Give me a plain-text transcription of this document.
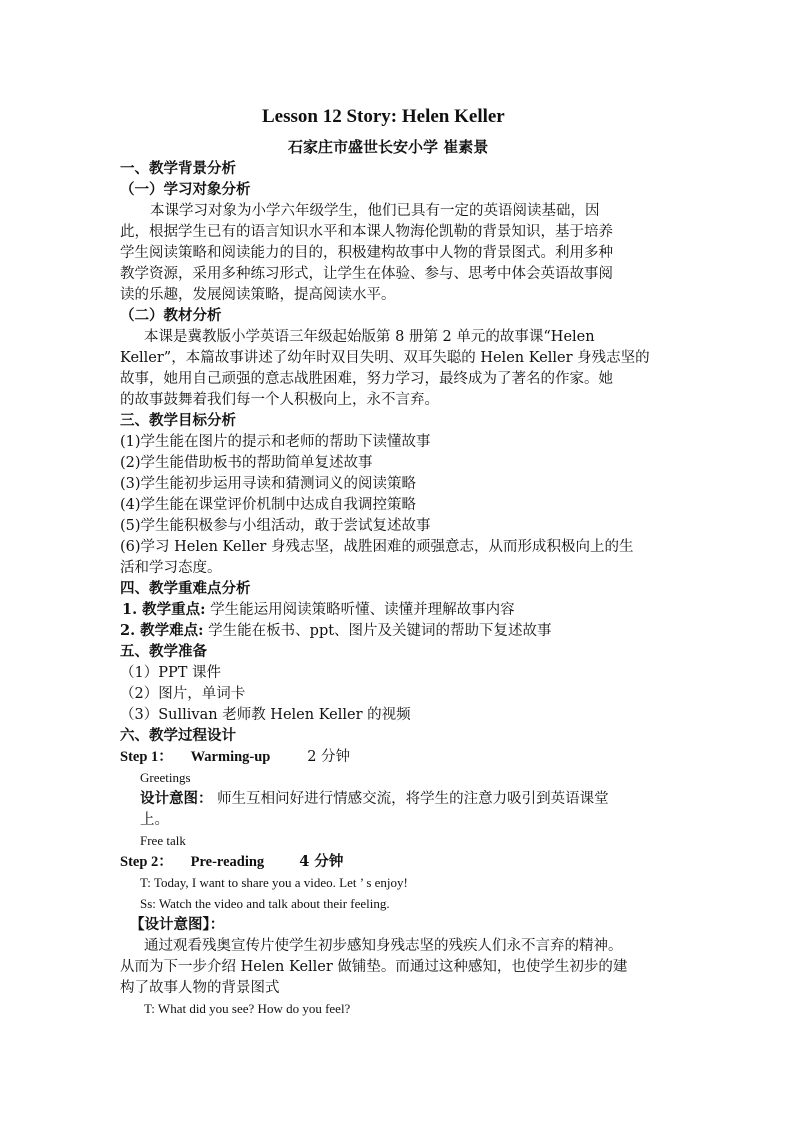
Lesson 12 Story: Helen Keller
石家庄市盛世长安小学 崔素景
一、教学背景分析
（一）学习对象分析
本课学习对象为小学六年级学生，他们已具有一定的英语阅读基础，因
此，根据学生已有的语言知识水平和本课人物海伦凯勒的背景知识，基于培养
学生阅读策略和阅读能力的目的，积极建构故事中人物的背景图式。利用多种
教学资源，采用多种练习形式，让学生在体验、参与、思考中体会英语故事阅
读的乐趣，发展阅读策略，提高阅读水平。
（二）教材分析
本课是冀教版小学英语三年级起始版第 8 册第 2 单元的故事课“Helen
Keller”，本篇故事讲述了幼年时双目失明、双耳失聪的 Helen Keller 身残志坚的
故事，她用自己顽强的意志战胜困难，努力学习，最终成为了著名的作家。她
的故事鼓舞着我们每一个人积极向上，永不言弃。
三、教学目标分析
(1)学生能在图片的提示和老师的帮助下读懂故事
(2)学生能借助板书的帮助简单复述故事
(3)学生能初步运用寻读和猜测词义的阅读策略
(4)学生能在课堂评价机制中达成自我调控策略
(5)学生能积极参与小组活动，敢于尝试复述故事
(6)学习 Helen Keller 身残志坚，战胜困难的顽强意志，从而形成积极向上的生
活和学习态度。
四、教学重难点分析
1. 教学重点: 学生能运用阅读策略听懂、读懂并理解故事内容
2. 教学难点: 学生能在板书、ppt、图片及关键词的帮助下复述故事
五、教学准备
（1）PPT 课件
（2）图片，单词卡
（3）Sullivan 老师教 Helen Keller 的视频
六、教学过程设计
Step 1： Warming-up	2 分钟
Greetings
设计意图： 师生互相问好进行情感交流，将学生的注意力吸引到英语课堂
上。
Free talk
Step 2： Pre-reading 4 分钟
T: Today, I want to share you a video. Let ’ s enjoy!
Ss: Watch the video and talk about their feeling.
【设计意图】：
通过观看残奥宣传片使学生初步感知身残志坚的残疾人们永不言弃的精神。
从而为下一步介绍 Helen Keller 做铺垫。而通过这种感知，也使学生初步的建
构了故事人物的背景图式
T: What did you see? How do you feel?
